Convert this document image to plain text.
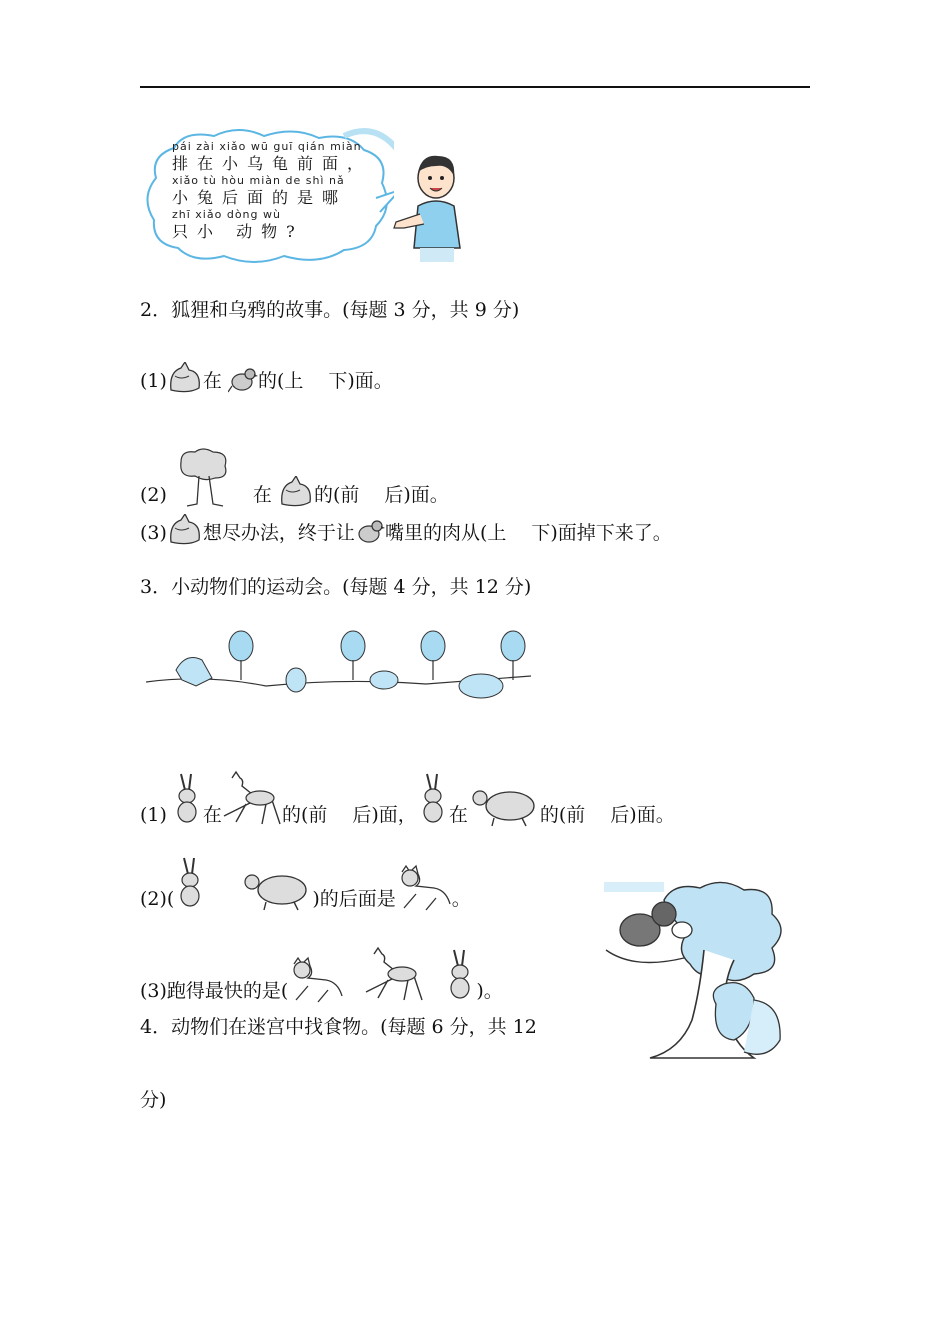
pái zài xiǎo wū guī qián miàn
排在小乌龟前面，
xiǎo tù hòu miàn de shì nǎ
小兔后面的是哪
zhī xiǎo dòng wù
只小 动物?
2．狐狸和乌鸦的故事。(每题 3 分，共 9 分)
(1) 在 的(上　 下)面。
(2)	在 的(前　 后)面。
(3) 想尽办法，终于让 嘴里的肉从(上　 下)面掉下来了。
3．小动物们的运动会。(每题 4 分，共 12 分)
(1) 在	的(前　 后)面， 在	的(前　 后)面。
(2)(	)的后面是	。
(3)跑得最快的是(	)。
4．动物们在迷宫中找食物。(每题 6 分，共 12
分)
